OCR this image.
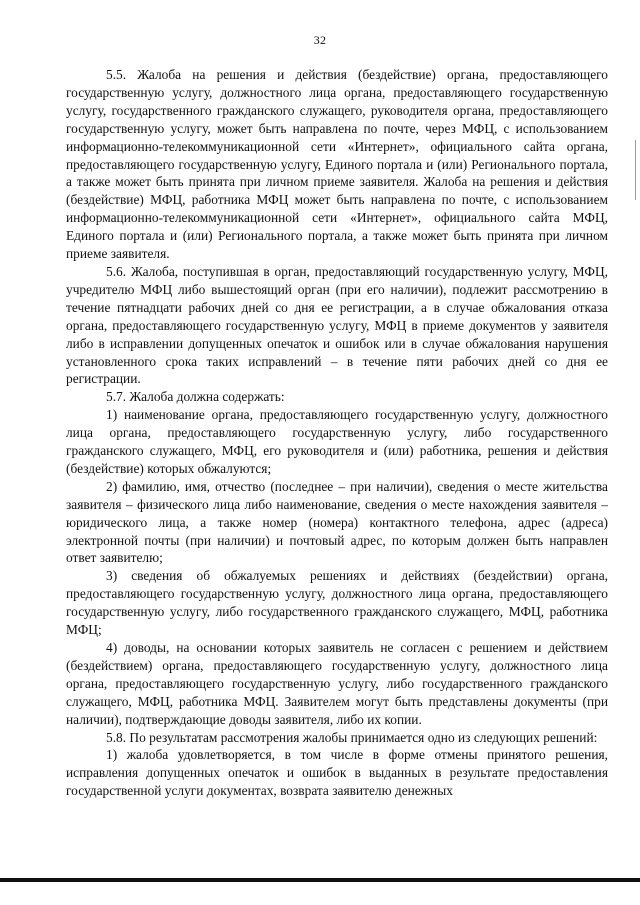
32

5.5. Жалоба на решения и действия (бездействие) органа, предоставляющего государственную услугу, должностного лица органа, предоставляющего государственную услугу, государственного гражданского служащего, руководителя органа, предоставляющего государственную услугу, может быть направлена по почте, через МФЦ, с использованием информационно-телекоммуникационной сети «Интернет», официального сайта органа, предоставляющего государственную услугу, Единого портала и (или) Регионального портала, а также может быть принята при личном приеме заявителя. Жалоба на решения и действия (бездействие) МФЦ, работника МФЦ может быть направлена по почте, с использованием информационно-телекоммуникационной сети «Интернет», официального сайта МФЦ, Единого портала и (или) Регионального портала, а также может быть принята при личном приеме заявителя.

5.6. Жалоба, поступившая в орган, предоставляющий государственную услугу, МФЦ, учредителю МФЦ либо вышестоящий орган (при его наличии), подлежит рассмотрению в течение пятнадцати рабочих дней со дня ее регистрации, а в случае обжалования отказа органа, предоставляющего государственную услугу, МФЦ в приеме документов у заявителя либо в исправлении допущенных опечаток и ошибок или в случае обжалования нарушения установленного срока таких исправлений – в течение пяти рабочих дней со дня ее регистрации.

5.7. Жалоба должна содержать:

1) наименование органа, предоставляющего государственную услугу, должностного лица органа, предоставляющего государственную услугу, либо государственного гражданского служащего, МФЦ, его руководителя и (или) работника, решения и действия (бездействие) которых обжалуются;

2) фамилию, имя, отчество (последнее – при наличии), сведения о месте жительства заявителя – физического лица либо наименование, сведения о месте нахождения заявителя – юридического лица, а также номер (номера) контактного телефона, адрес (адреса) электронной почты (при наличии) и почтовый адрес, по которым должен быть направлен ответ заявителю;

3) сведения об обжалуемых решениях и действиях (бездействии) органа, предоставляющего государственную услугу, должностного лица органа, предоставляющего государственную услугу, либо государственного гражданского служащего, МФЦ, работника МФЦ;

4) доводы, на основании которых заявитель не согласен с решением и действием (бездействием) органа, предоставляющего государственную услугу, должностного лица органа, предоставляющего государственную услугу, либо государственного гражданского служащего, МФЦ, работника МФЦ. Заявителем могут быть представлены документы (при наличии), подтверждающие доводы заявителя, либо их копии.

5.8. По результатам рассмотрения жалобы принимается одно из следующих решений:

1) жалоба удовлетворяется, в том числе в форме отмены принятого решения, исправления допущенных опечаток и ошибок в выданных в результате предоставления государственной услуги документах, возврата заявителю денежных
